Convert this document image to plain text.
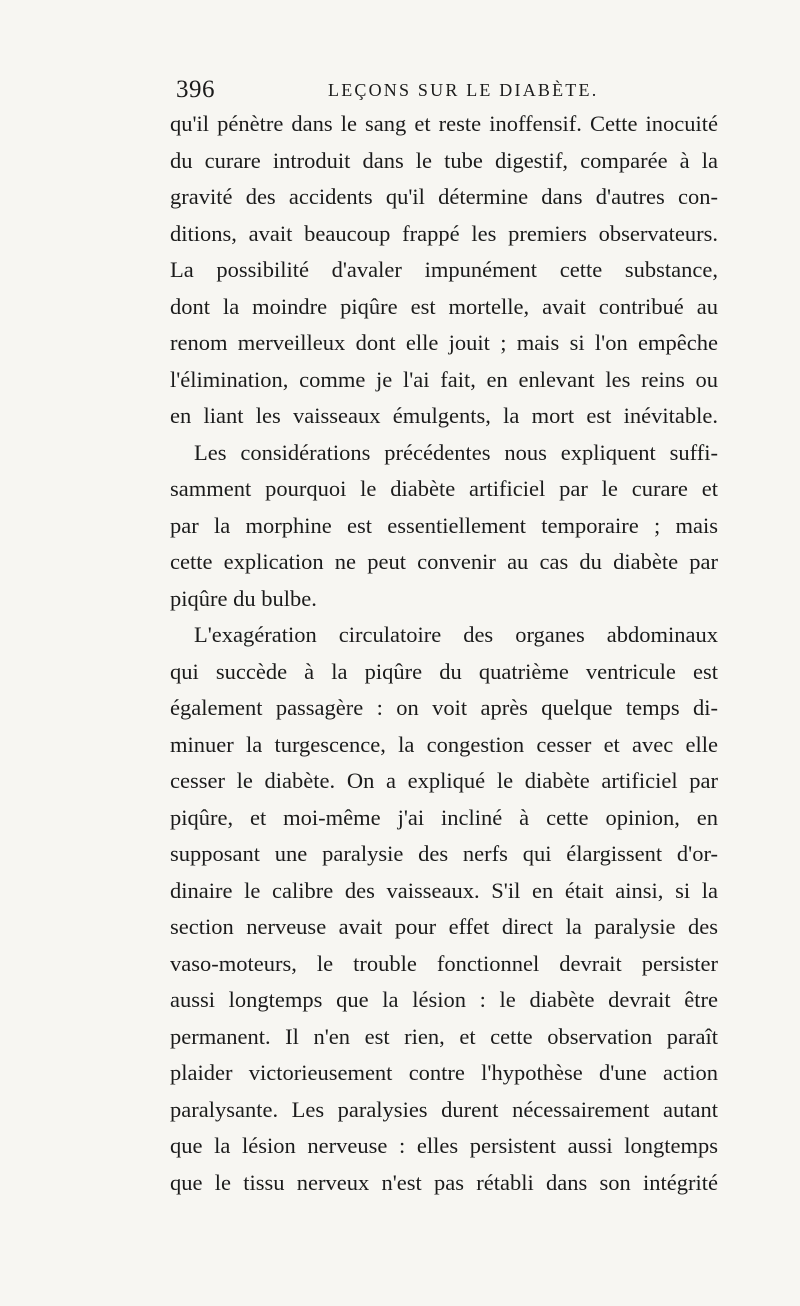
396	LEÇONS SUR LE DIABÈTE.
qu'il pénètre dans le sang et reste inoffensif. Cette inocuité
du curare introduit dans le tube digestif, comparée à la
gravité des accidents qu'il détermine dans d'autres con-
ditions, avait beaucoup frappé les premiers observateurs.
La possibilité d'avaler impunément cette substance,
dont la moindre piqûre est mortelle, avait contribué au
renom merveilleux dont elle jouit ; mais si l'on empêche
l'élimination, comme je l'ai fait, en enlevant les reins ou
en liant les vaisseaux émulgents, la mort est inévitable.
Les considérations précédentes nous expliquent suffi-
samment pourquoi le diabète artificiel par le curare et
par la morphine est essentiellement temporaire ; mais
cette explication ne peut convenir au cas du diabète par
piqûre du bulbe.
L'exagération circulatoire des organes abdominaux
qui succède à la piqûre du quatrième ventricule est
également passagère : on voit après quelque temps di-
minuer la turgescence, la congestion cesser et avec elle
cesser le diabète. On a expliqué le diabète artificiel par
piqûre, et moi-même j'ai incliné à cette opinion, en
supposant une paralysie des nerfs qui élargissent d'or-
dinaire le calibre des vaisseaux. S'il en était ainsi, si la
section nerveuse avait pour effet direct la paralysie des
vaso-moteurs, le trouble fonctionnel devrait persister
aussi longtemps que la lésion : le diabète devrait être
permanent. Il n'en est rien, et cette observation paraît
plaider victorieusement contre l'hypothèse d'une action
paralysante. Les paralysies durent nécessairement autant
que la lésion nerveuse : elles persistent aussi longtemps
que le tissu nerveux n'est pas rétabli dans son intégrité
